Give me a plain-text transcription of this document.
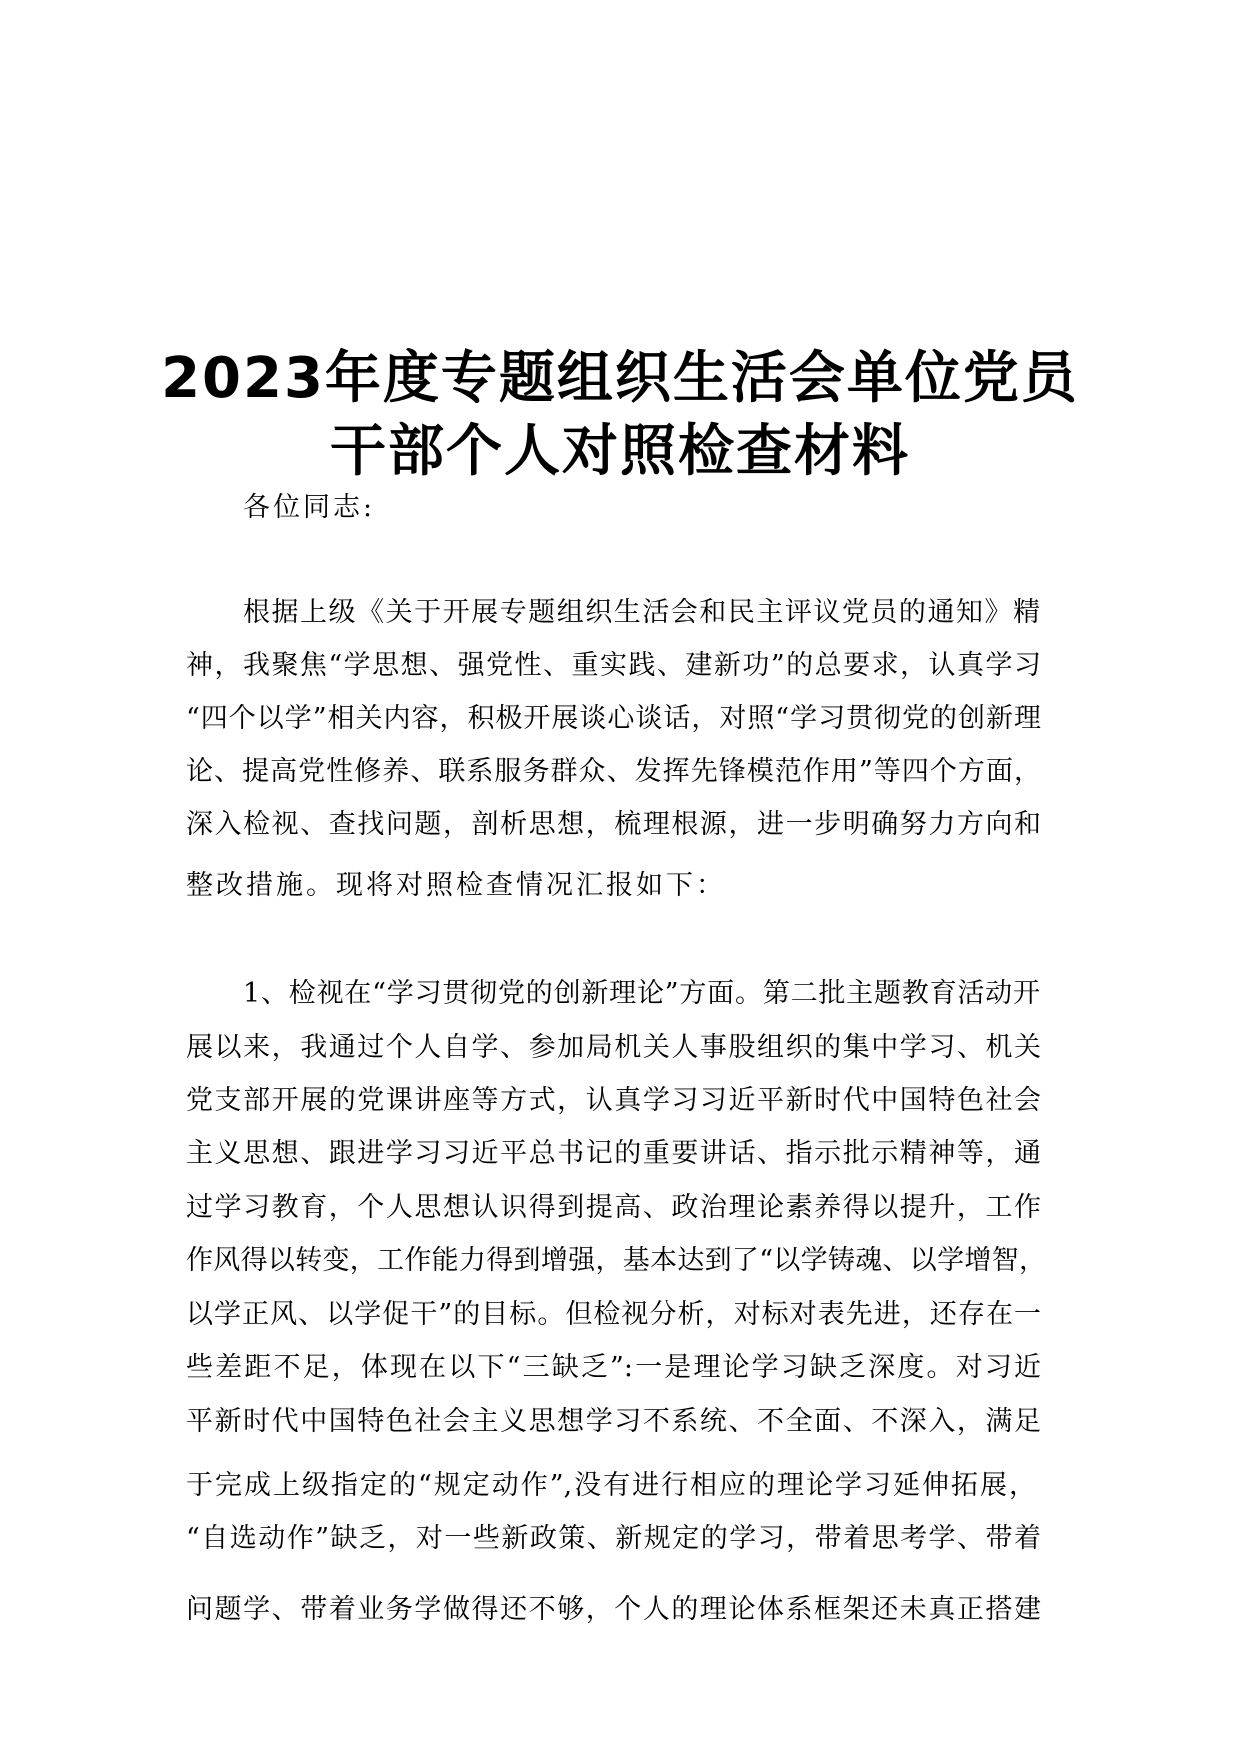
2023年度专题组织生活会单位党员
干部个人对照检查材料
各位同志:
根据上级《关于开展专题组织生活会和民主评议党员的通知》精
神，我聚焦“学思想、强党性、重实践、建新功”的总要求，认真学习
“四个以学”相关内容，积极开展谈心谈话，对照“学习贯彻党的创新理
论、提高党性修养、联系服务群众、发挥先锋模范作用”等四个方面，
深入检视、查找问题，剖析思想，梳理根源，进一步明确努力方向和
整改措施。现将对照检查情况汇报如下：
1、检视在“学习贯彻党的创新理论”方面。第二批主题教育活动开
展以来，我通过个人自学、参加局机关人事股组织的集中学习、机关
党支部开展的党课讲座等方式，认真学习习近平新时代中国特色社会
主义思想、跟进学习习近平总书记的重要讲话、指示批示精神等，通
过学习教育，个人思想认识得到提高、政治理论素养得以提升，工作
作风得以转变，工作能力得到增强，基本达到了“以学铸魂、以学增智，
以学正风、以学促干”的目标。但检视分析，对标对表先进，还存在一
些差距不足，体现在以下“三缺乏”:一是理论学习缺乏深度。对习近
平新时代中国特色社会主义思想学习不系统、不全面、不深入，满足
于完成上级指定的“规定动作”,没有进行相应的理论学习延伸拓展，
“自选动作”缺乏，对一些新政策、新规定的学习，带着思考学、带着
问题学、带着业务学做得还不够，个人的理论体系框架还未真正搭建
